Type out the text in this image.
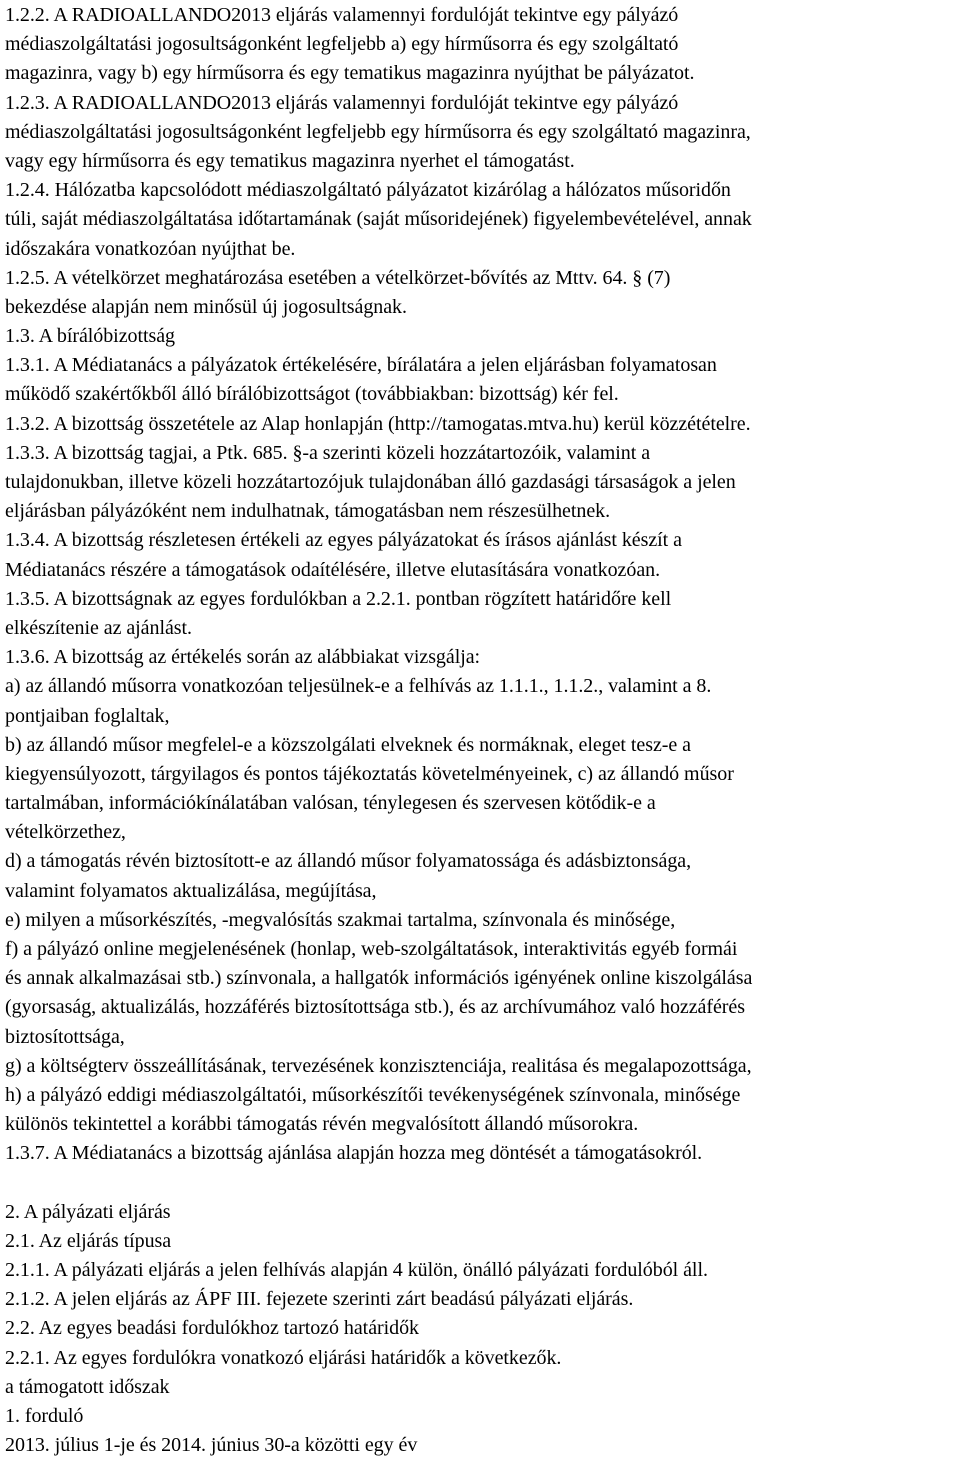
1.2.2. A RADIOALLANDO2013 eljárás valamennyi fordulóját tekintve egy pályázó
médiaszolgáltatási jogosultságonként legfeljebb a) egy hírműsorra és egy szolgáltató
magazinra, vagy b) egy hírműsorra és egy tematikus magazinra nyújthat be pályázatot.
1.2.3. A RADIOALLANDO2013 eljárás valamennyi fordulóját tekintve egy pályázó
médiaszolgáltatási jogosultságonként legfeljebb egy hírműsorra és egy szolgáltató magazinra,
vagy egy hírműsorra és egy tematikus magazinra nyerhet el támogatást.
1.2.4. Hálózatba kapcsolódott médiaszolgáltató pályázatot kizárólag a hálózatos műsoridőn
túli, saját médiaszolgáltatása időtartamának (saját műsoridejének) figyelembevételével, annak
időszakára vonatkozóan nyújthat be.
1.2.5. A vételkörzet meghatározása esetében a vételkörzet-bővítés az Mttv. 64. § (7)
bekezdése alapján nem minősül új jogosultságnak.
1.3. A bírálóbizottság
1.3.1. A Médiatanács a pályázatok értékelésére, bírálatára a jelen eljárásban folyamatosan
működő szakértőkből álló bírálóbizottságot (továbbiakban: bizottság) kér fel.
1.3.2. A bizottság összetétele az Alap honlapján (http://tamogatas.mtva.hu) kerül közzétételre.
1.3.3. A bizottság tagjai, a Ptk. 685. §-a szerinti közeli hozzátartozóik, valamint a
tulajdonukban, illetve közeli hozzátartozójuk tulajdonában álló gazdasági társaságok a jelen
eljárásban pályázóként nem indulhatnak, támogatásban nem részesülhetnek.
1.3.4. A bizottság részletesen értékeli az egyes pályázatokat és írásos ajánlást készít a
Médiatanács részére a támogatások odaítélésére, illetve elutasítására vonatkozóan.
1.3.5. A bizottságnak az egyes fordulókban a 2.2.1. pontban rögzített határidőre kell
elkészítenie az ajánlást.
1.3.6. A bizottság az értékelés során az alábbiakat vizsgálja:
a) az állandó műsorra vonatkozóan teljesülnek-e a felhívás az 1.1.1., 1.1.2., valamint a 8.
pontjaiban foglaltak,
b) az állandó műsor megfelel-e a közszolgálati elveknek és normáknak, eleget tesz-e a
kiegyensúlyozott, tárgyilagos és pontos tájékoztatás követelményeinek, c) az állandó műsor
tartalmában, információkínálatában valósan, ténylegesen és szervesen kötődik-e a
vételkörzethez,
d) a támogatás révén biztosított-e az állandó műsor folyamatossága és adásbiztonsága,
valamint folyamatos aktualizálása, megújítása,
e) milyen a műsorkészítés, -megvalósítás szakmai tartalma, színvonala és minősége,
f) a pályázó online megjelenésének (honlap, web-szolgáltatások, interaktivitás egyéb formái
és annak alkalmazásai stb.) színvonala, a hallgatók információs igényének online kiszolgálása
(gyorsaság, aktualizálás, hozzáférés biztosítottsága stb.), és az archívumához való hozzáférés
biztosítottsága,
g) a költségterv összeállításának, tervezésének konzisztenciája, realitása és megalapozottsága,
h) a pályázó eddigi médiaszolgáltatói, műsorkészítői tevékenységének színvonala, minősége
különös tekintettel a korábbi támogatás révén megvalósított állandó műsorokra.
1.3.7. A Médiatanács a bizottság ajánlása alapján hozza meg döntését a támogatásokról.
2. A pályázati eljárás
2.1. Az eljárás típusa
2.1.1. A pályázati eljárás a jelen felhívás alapján 4 külön, önálló pályázati fordulóból áll.
2.1.2. A jelen eljárás az ÁPF III. fejezete szerinti zárt beadású pályázati eljárás.
2.2. Az egyes beadási fordulókhoz tartozó határidők
2.2.1. Az egyes fordulókra vonatkozó eljárási határidők a következők.
a támogatott időszak
1. forduló
2013. július 1-je és 2014. június 30-a közötti egy év
